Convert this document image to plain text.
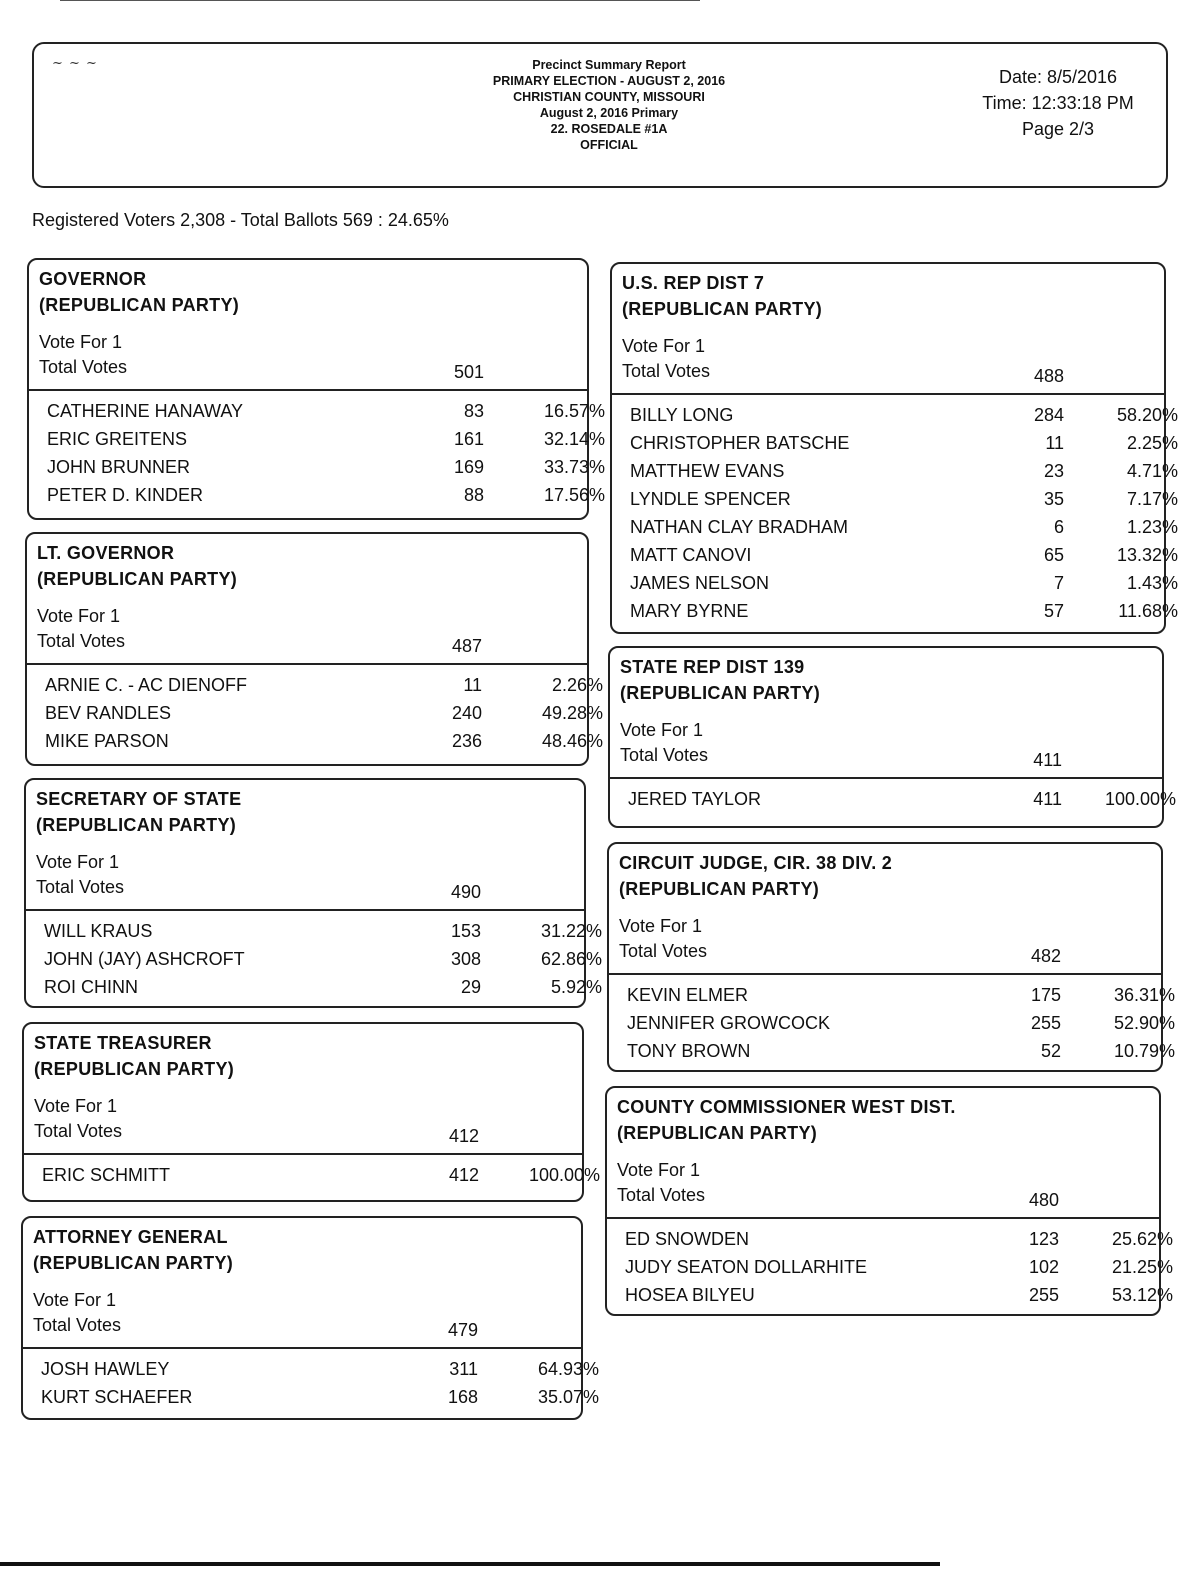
~ ~ ~	Precinct Summary Report
PRIMARY ELECTION - AUGUST 2, 2016
CHRISTIAN COUNTY, MISSOURI
August 2, 2016 Primary
22. ROSEDALE #1A
OFFICIAL
Date: 8/5/2016
Time: 12:33:18 PM
Page 2/3
Registered Voters 2,308 - Total Ballots 569 : 24.65%
GOVERNOR
(REPUBLICAN PARTY)
Vote For 1
Total Votes	501
CATHERINE HANAWAY	83	16.57%
ERIC GREITENS	161	32.14%
JOHN BRUNNER	169	33.73%
PETER D. KINDER	88	17.56%
LT. GOVERNOR
(REPUBLICAN PARTY)
Vote For 1
Total Votes	487
ARNIE C. - AC DIENOFF	11	2.26%
BEV RANDLES	240	49.28%
MIKE PARSON	236	48.46%
SECRETARY OF STATE
(REPUBLICAN PARTY)
Vote For 1
Total Votes	490
WILL KRAUS	153	31.22%
JOHN (JAY) ASHCROFT	308	62.86%
ROI CHINN	29	5.92%
STATE TREASURER
(REPUBLICAN PARTY)
Vote For 1
Total Votes	412
ERIC SCHMITT	412	100.00%
ATTORNEY GENERAL
(REPUBLICAN PARTY)
Vote For 1
Total Votes	479
JOSH HAWLEY	311	64.93%
KURT SCHAEFER	168	35.07%
U.S. REP DIST 7
(REPUBLICAN PARTY)
Vote For 1
Total Votes	488
BILLY LONG	284	58.20%
CHRISTOPHER BATSCHE	11	2.25%
MATTHEW EVANS	23	4.71%
LYNDLE SPENCER	35	7.17%
NATHAN CLAY BRADHAM	6	1.23%
MATT CANOVI	65	13.32%
JAMES NELSON	7	1.43%
MARY BYRNE	57	11.68%
STATE REP DIST 139
(REPUBLICAN PARTY)
Vote For 1
Total Votes	411
JERED TAYLOR	411	100.00%
CIRCUIT JUDGE, CIR. 38 DIV. 2
(REPUBLICAN PARTY)
Vote For 1
Total Votes	482
KEVIN ELMER	175	36.31%
JENNIFER GROWCOCK	255	52.90%
TONY BROWN	52	10.79%
COUNTY COMMISSIONER WEST DIST.
(REPUBLICAN PARTY)
Vote For 1
Total Votes	480
ED SNOWDEN	123	25.62%
JUDY SEATON DOLLARHITE	102	21.25%
HOSEA BILYEU	255	53.12%
